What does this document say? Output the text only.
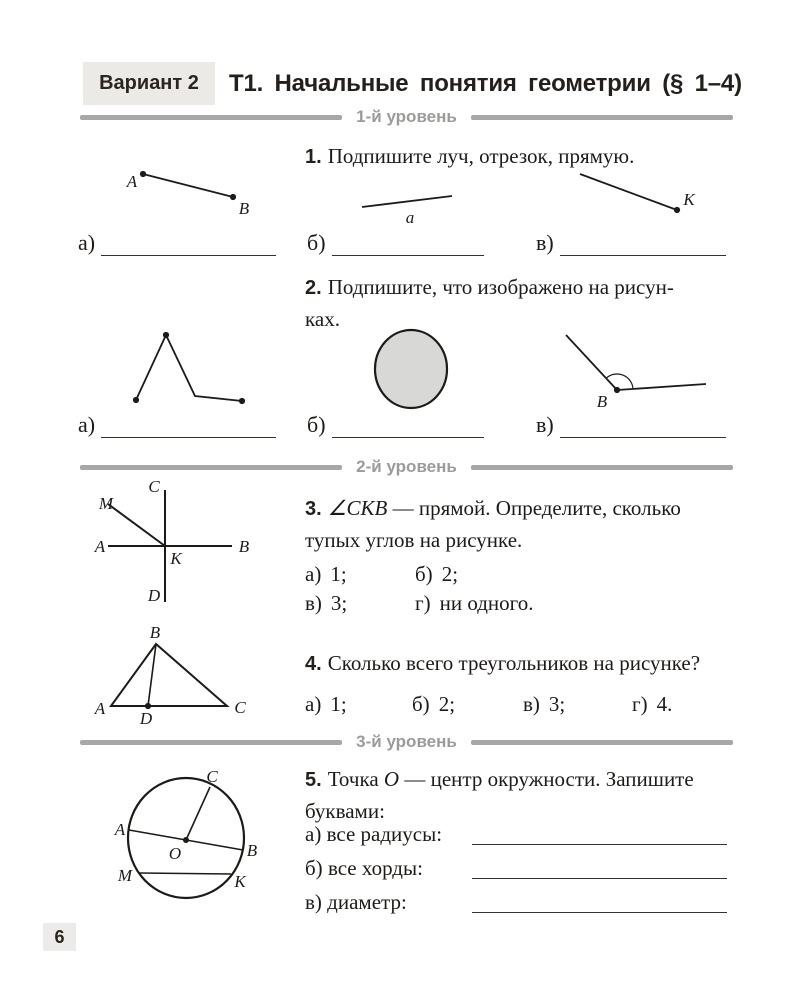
Вариант 2	Т1. Начальные понятия геометрии (§ 1–4)
1-й уровень
1. Подпишите луч, отрезок, прямую.
A
B	a
K
а)	б)	в)
2. Подпишите, что изображено на рисун-
ках.
B
а)	б)	в)
2-й уровень
C
M
A	B
K
D
3. ∠CKB — прямой. Определите, сколько тупых углов на рисунке.
а) 1;	б) 2;
в) 3;	г) ни одного.
A
B
C
D
4. Сколько всего треугольников на рисунке?
а) 1;	б) 2;	в) 3;	г) 4.
3-й уровень
O
C
A
B
M	K
5. Точка O — центр окружности. Запишите буквами:
а) все радиусы:
б) все хорды:
в) диаметр:
6
